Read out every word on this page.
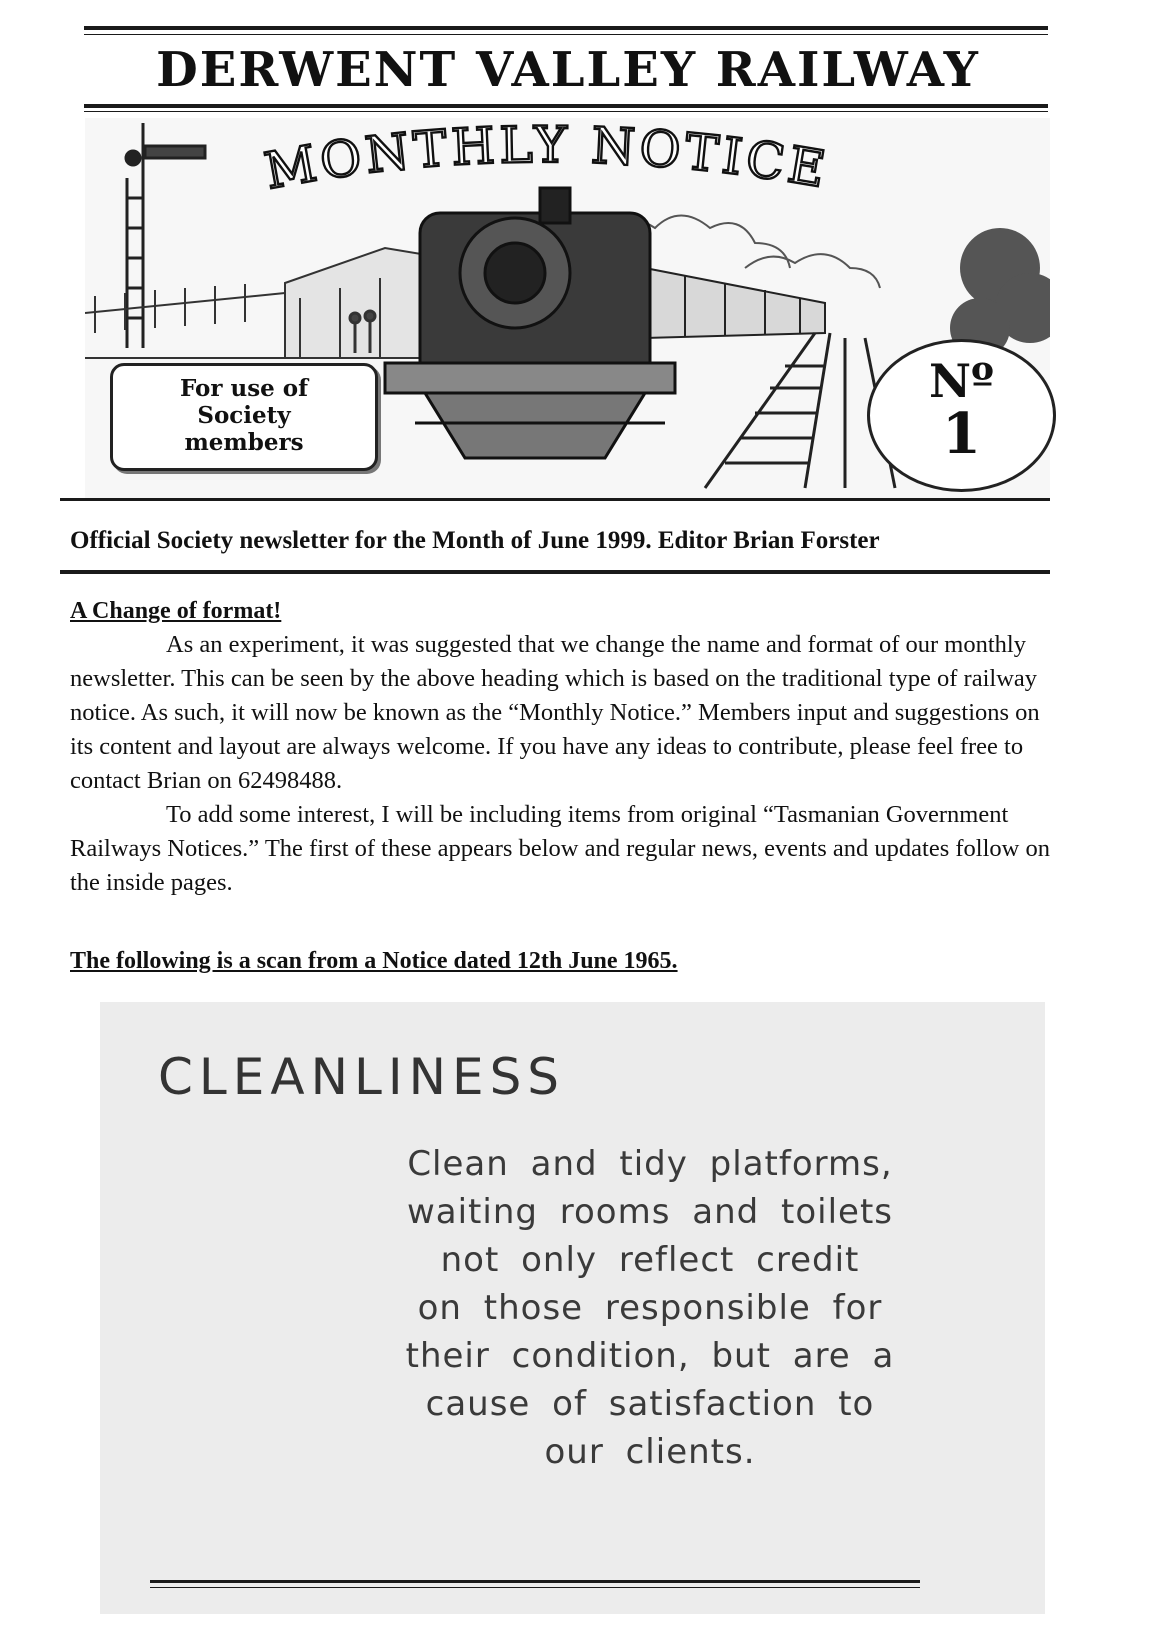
DERWENT VALLEY RAILWAY
MONTHLY NOTICE
For use of
Society
members
Nº
1
Official Society newsletter for the Month of June 1999. Editor Brian Forster
A Change of format!

As an experiment, it was suggested that we change the name and format of our monthly newsletter. This can be seen by the above heading which is based on the traditional type of railway notice. As such, it will now be known as the “Monthly Notice.” Members input and suggestions on its content and layout are always welcome. If you have any ideas to contribute, please feel free to contact Brian on 62498488.

To add some interest, I will be including items from original “Tasmanian Government Railways Notices.” The first of these appears below and regular news, events and updates follow on the inside pages.

The following is a scan from a Notice dated 12th June 1965.
CLEANLINESS
Clean and tidy platforms,
waiting rooms and toilets
not only reflect credit
on those responsible for
their condition, but are a
cause of satisfaction to
our clients.
